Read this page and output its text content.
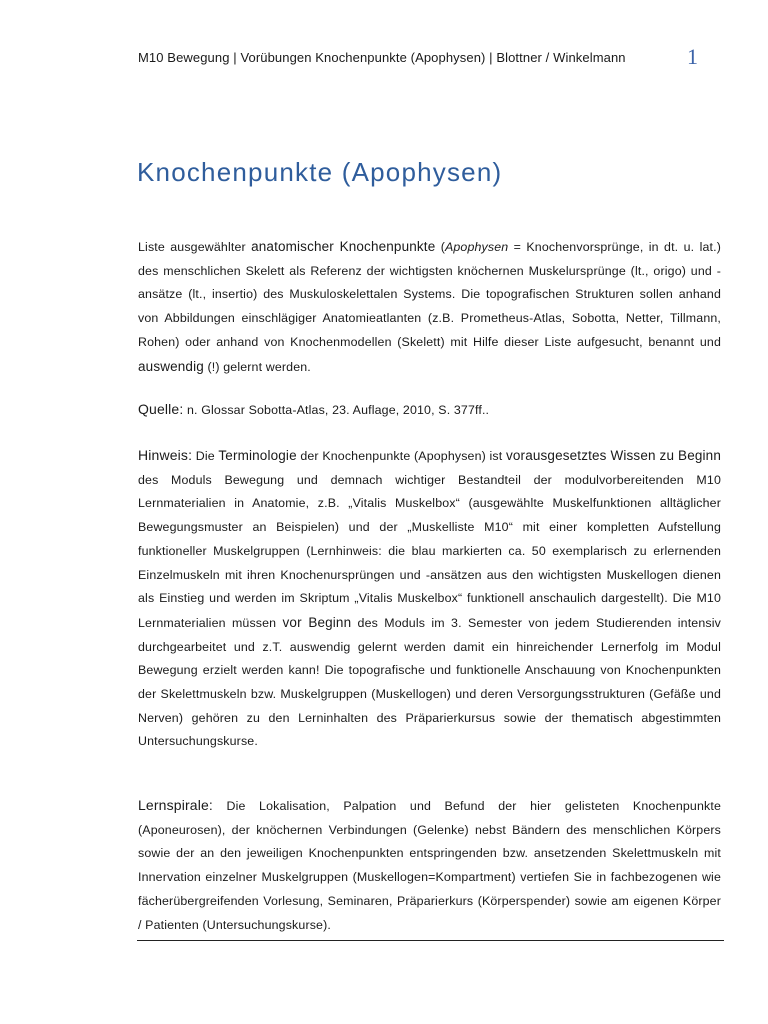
M10 Bewegung | Vorübungen Knochenpunkte (Apophysen) | Blottner / Winkelmann	1
Knochenpunkte (Apophysen)
Liste ausgewählter anatomischer Knochenpunkte (Apophysen = Knochenvorsprünge, in dt. u. lat.) des menschlichen Skelett als Referenz der wichtigsten knöchernen Muskelursprünge (lt., origo) und -ansätze (lt., insertio) des Muskuloskelettalen Systems. Die topografischen Strukturen sollen anhand von Abbildungen einschlägiger Anatomieatlanten (z.B. Prometheus-Atlas, Sobotta, Netter, Tillmann, Rohen) oder anhand von Knochenmodellen (Skelett) mit Hilfe dieser Liste aufgesucht, benannt und auswendig (!) gelernt werden.
Quelle: n. Glossar Sobotta-Atlas, 23. Auflage, 2010, S. 377ff..
Hinweis: Die Terminologie der Knochenpunkte (Apophysen) ist vorausgesetztes Wissen zu Beginn des Moduls Bewegung und demnach wichtiger Bestandteil der modulvorbereitenden M10 Lernmaterialien in Anatomie, z.B. „Vitalis Muskelbox“ (ausgewählte Muskelfunktionen alltäglicher Bewegungsmuster an Beispielen) und der „Muskelliste M10“ mit einer kompletten Aufstellung funktioneller Muskelgruppen (Lernhinweis: die blau markierten ca. 50 exemplarisch zu erlernenden Einzelmuskeln mit ihren Knochenursprüngen und -ansätzen aus den wichtigsten Muskellogen dienen als Einstieg und werden im Skriptum „Vitalis Muskelbox“ funktionell anschaulich dargestellt). Die M10 Lernmaterialien müssen vor Beginn des Moduls im 3. Semester von jedem Studierenden intensiv durchgearbeitet und z.T. auswendig gelernt werden damit ein hinreichender Lernerfolg im Modul Bewegung erzielt werden kann! Die topografische und funktionelle Anschauung von Knochenpunkten der Skelettmuskeln bzw. Muskelgruppen (Muskellogen) und deren Versorgungsstrukturen (Gefäße und Nerven) gehören zu den Lerninhalten des Präparierkursus sowie der thematisch abgestimmten Untersuchungskurse.
Lernspirale: Die Lokalisation, Palpation und Befund der hier gelisteten Knochenpunkte (Aponeurosen), der knöchernen Verbindungen (Gelenke) nebst Bändern des menschlichen Körpers sowie der an den jeweiligen Knochenpunkten entspringenden bzw. ansetzenden Skelettmuskeln mit Innervation einzelner Muskelgruppen (Muskellogen=Kompartment) vertiefen Sie in fachbezogenen wie fächerübergreifenden Vorlesung, Seminaren, Präparierkurs (Körperspender) sowie am eigenen Körper / Patienten (Untersuchungskurse).
